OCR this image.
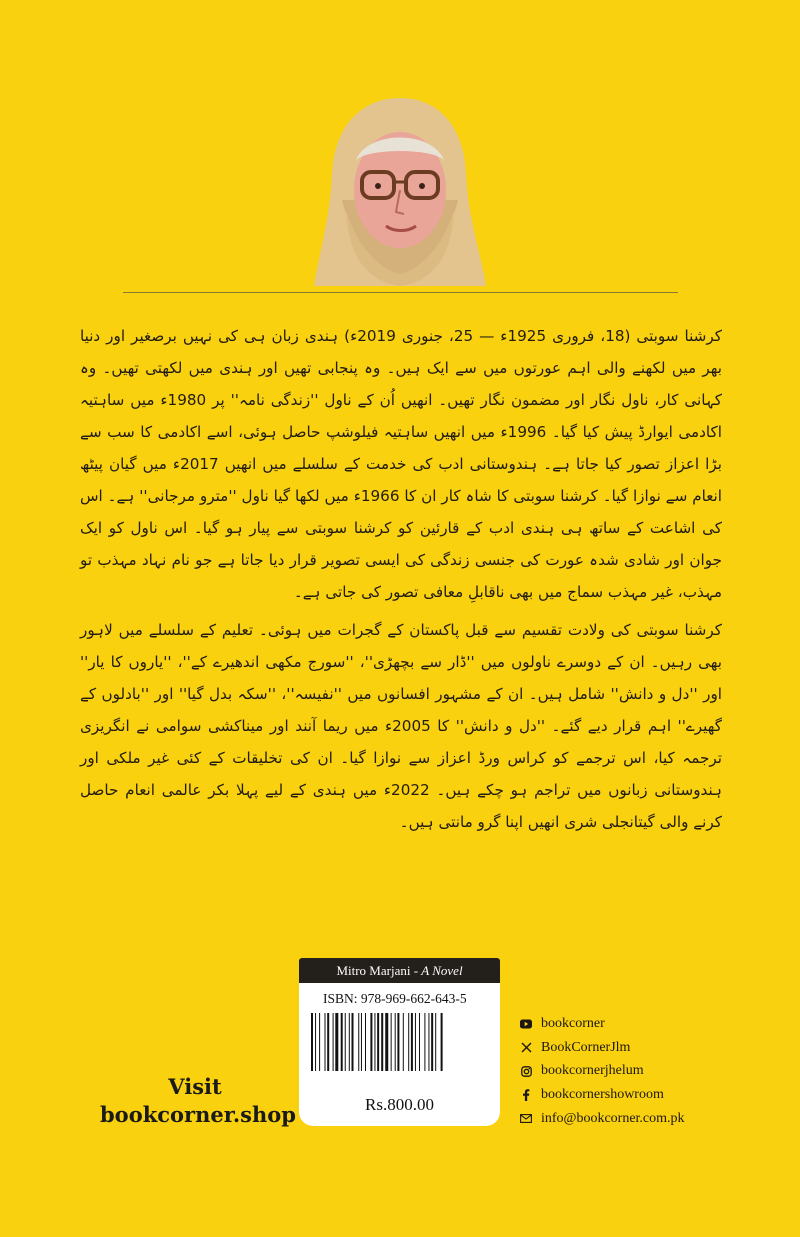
کرشنا سوبتی (18، فروری 1925ء — 25، جنوری 2019ء) ہندی زبان ہی کی نہیں برصغیر اور دنیا بھر میں لکھنے والی اہم عورتوں میں سے ایک ہیں۔ وہ پنجابی تھیں اور ہندی میں لکھتی تھیں۔ وہ کہانی کار، ناول نگار اور مضمون نگار تھیں۔ انھیں اُن کے ناول ''زندگی نامہ'' پر 1980ء میں ساہتیہ اکادمی ایوارڈ پیش کیا گیا۔ 1996ء میں انھیں ساہتیہ فیلوشپ حاصل ہوئی، اسے اکادمی کا سب سے بڑا اعزاز تصور کیا جاتا ہے۔ ہندوستانی ادب کی خدمت کے سلسلے میں انھیں 2017ء میں گیان پیٹھ انعام سے نوازا گیا۔ کرشنا سوبتی کا شاہ کار ان کا 1966ء میں لکھا گیا ناول ''مترو مرجانی'' ہے۔ اس کی اشاعت کے ساتھ ہی ہندی ادب کے قارئین کو کرشنا سوبتی سے پیار ہو گیا۔ اس ناول کو ایک جوان اور شادی شدہ عورت کی جنسی زندگی کی ایسی تصویر قرار دیا جاتا ہے جو نام نہاد مہذب تو مہذب، غیر مہذب سماج میں بھی ناقابلِ معافی تصور کی جاتی ہے۔

کرشنا سوبتی کی ولادت تقسیم سے قبل پاکستان کے گجرات میں ہوئی۔ تعلیم کے سلسلے میں لاہور بھی رہیں۔ ان کے دوسرے ناولوں میں ''ڈار سے بچھڑی''، ''سورج مکھی اندھیرے کے''، ''یاروں کا یار'' اور ''دل و دانش'' شامل ہیں۔ ان کے مشہور افسانوں میں ''نفیسہ''، ''سکہ بدل گیا'' اور ''بادلوں کے گھیرے'' اہم قرار دیے گئے۔ ''دل و دانش'' کا 2005ء میں ریما آنند اور میناکشی سوامی نے انگریزی ترجمہ کیا، اس ترجمے کو کراس ورڈ اعزاز سے نوازا گیا۔ ان کی تخلیقات کے کئی غیر ملکی اور ہندوستانی زبانوں میں تراجم ہو چکے ہیں۔ 2022ء میں ہندی کے لیے پہلا بکر عالمی انعام حاصل کرنے والی گیتانجلی شری انھیں اپنا گرو مانتی ہیں۔

Visit
bookcorner.shop
Mitro Marjani - A Novel
ISBN: 978-969-662-643-5
Rs.800.00
bookcorner
BookCornerJlm
bookcornerjhelum
bookcornershowroom
info@bookcorner.com.pk
